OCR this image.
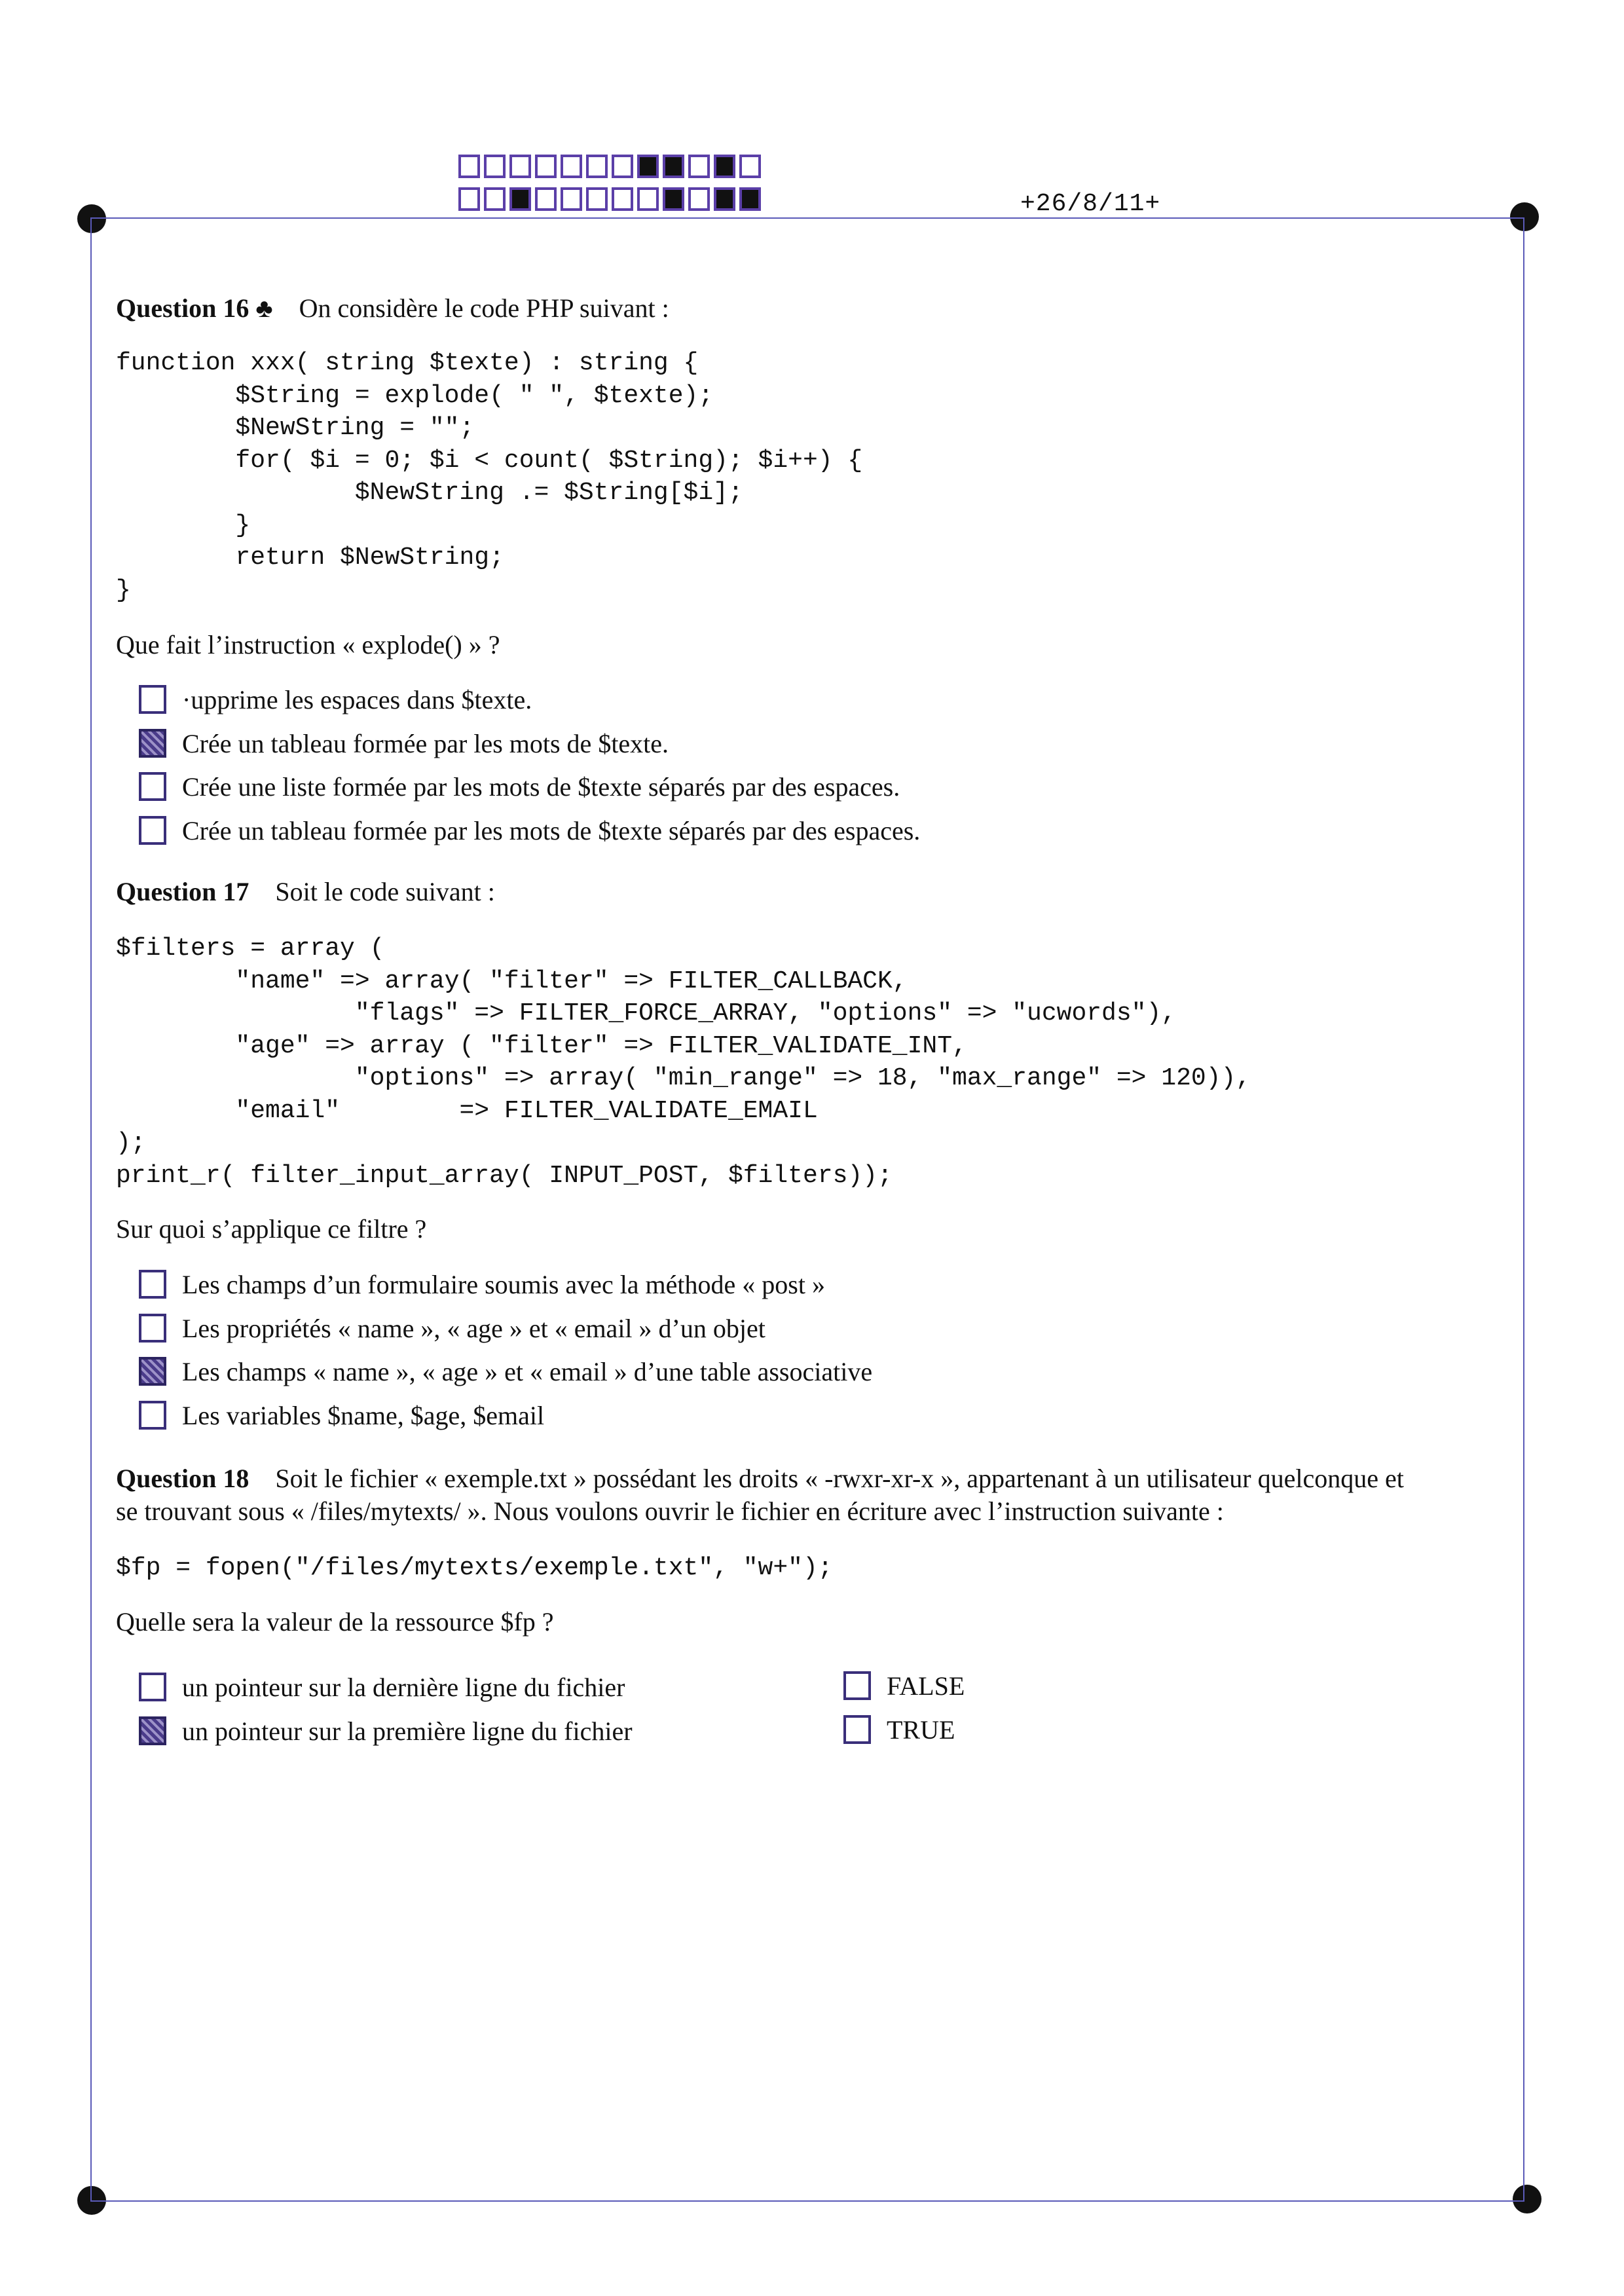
+26/8/11+
Question 16 ♣ On considère le code PHP suivant :
function xxx( string $texte) : string {
$String = explode( " ", $texte);
$NewString = "";
for( $i = 0; $i < count( $String); $i++) {
$NewString .= $String[$i];
}
return $NewString;
}
Que fait l’instruction « explode() » ?
·upprime les espaces dans $texte.
Crée un tableau formée par les mots de $texte.
Crée une liste formée par les mots de $texte séparés par des espaces.
Crée un tableau formée par les mots de $texte séparés par des espaces.
Question 17 Soit le code suivant :
$filters = array (
"name" => array( "filter" => FILTER_CALLBACK,
"flags" => FILTER_FORCE_ARRAY, "options" => "ucwords"),
"age" => array ( "filter" => FILTER_VALIDATE_INT,
"options" => array( "min_range" => 18, "max_range" => 120)),
"email"        => FILTER_VALIDATE_EMAIL
);
print_r( filter_input_array( INPUT_POST, $filters));
Sur quoi s’applique ce filtre ?
Les champs d’un formulaire soumis avec la méthode « post »
Les propriétés « name », « age » et « email » d’un objet
Les champs « name », « age » et « email » d’une table associative
Les variables $name, $age, $email
Question 18 Soit le fichier « exemple.txt » possédant les droits « -rwxr-xr-x », appartenant à un utilisateur quelconque et
se trouvant sous « /files/mytexts/ ». Nous voulons ouvrir le fichier en écriture avec l’instruction suivante :
$fp = fopen("/files/mytexts/exemple.txt", "w+");
Quelle sera la valeur de la ressource $fp ?
un pointeur sur la dernière ligne du fichier
un pointeur sur la première ligne du fichier
FALSE
TRUE
